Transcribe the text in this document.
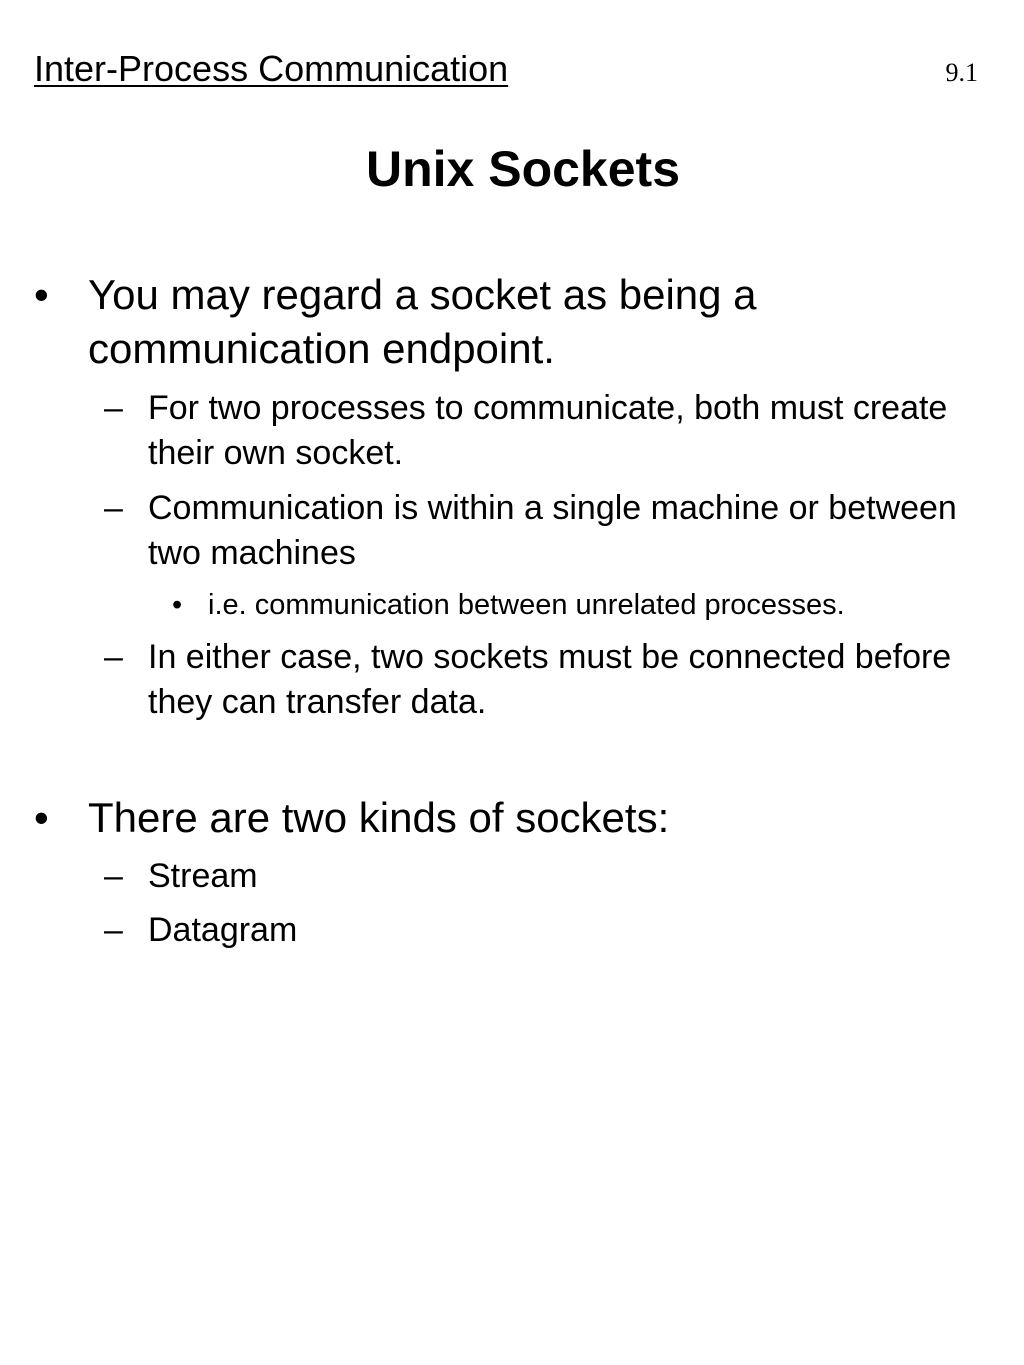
Inter-Process Communication	9.1
Unix Sockets
• You may regard a socket as being a communication endpoint.
– For two processes to communicate, both must create their own socket.
– Communication is within a single machine or between two machines
• i.e. communication between unrelated processes.
– In either case, two sockets must be connected before they can transfer data.
• There are two kinds of sockets:
– Stream
– Datagram
